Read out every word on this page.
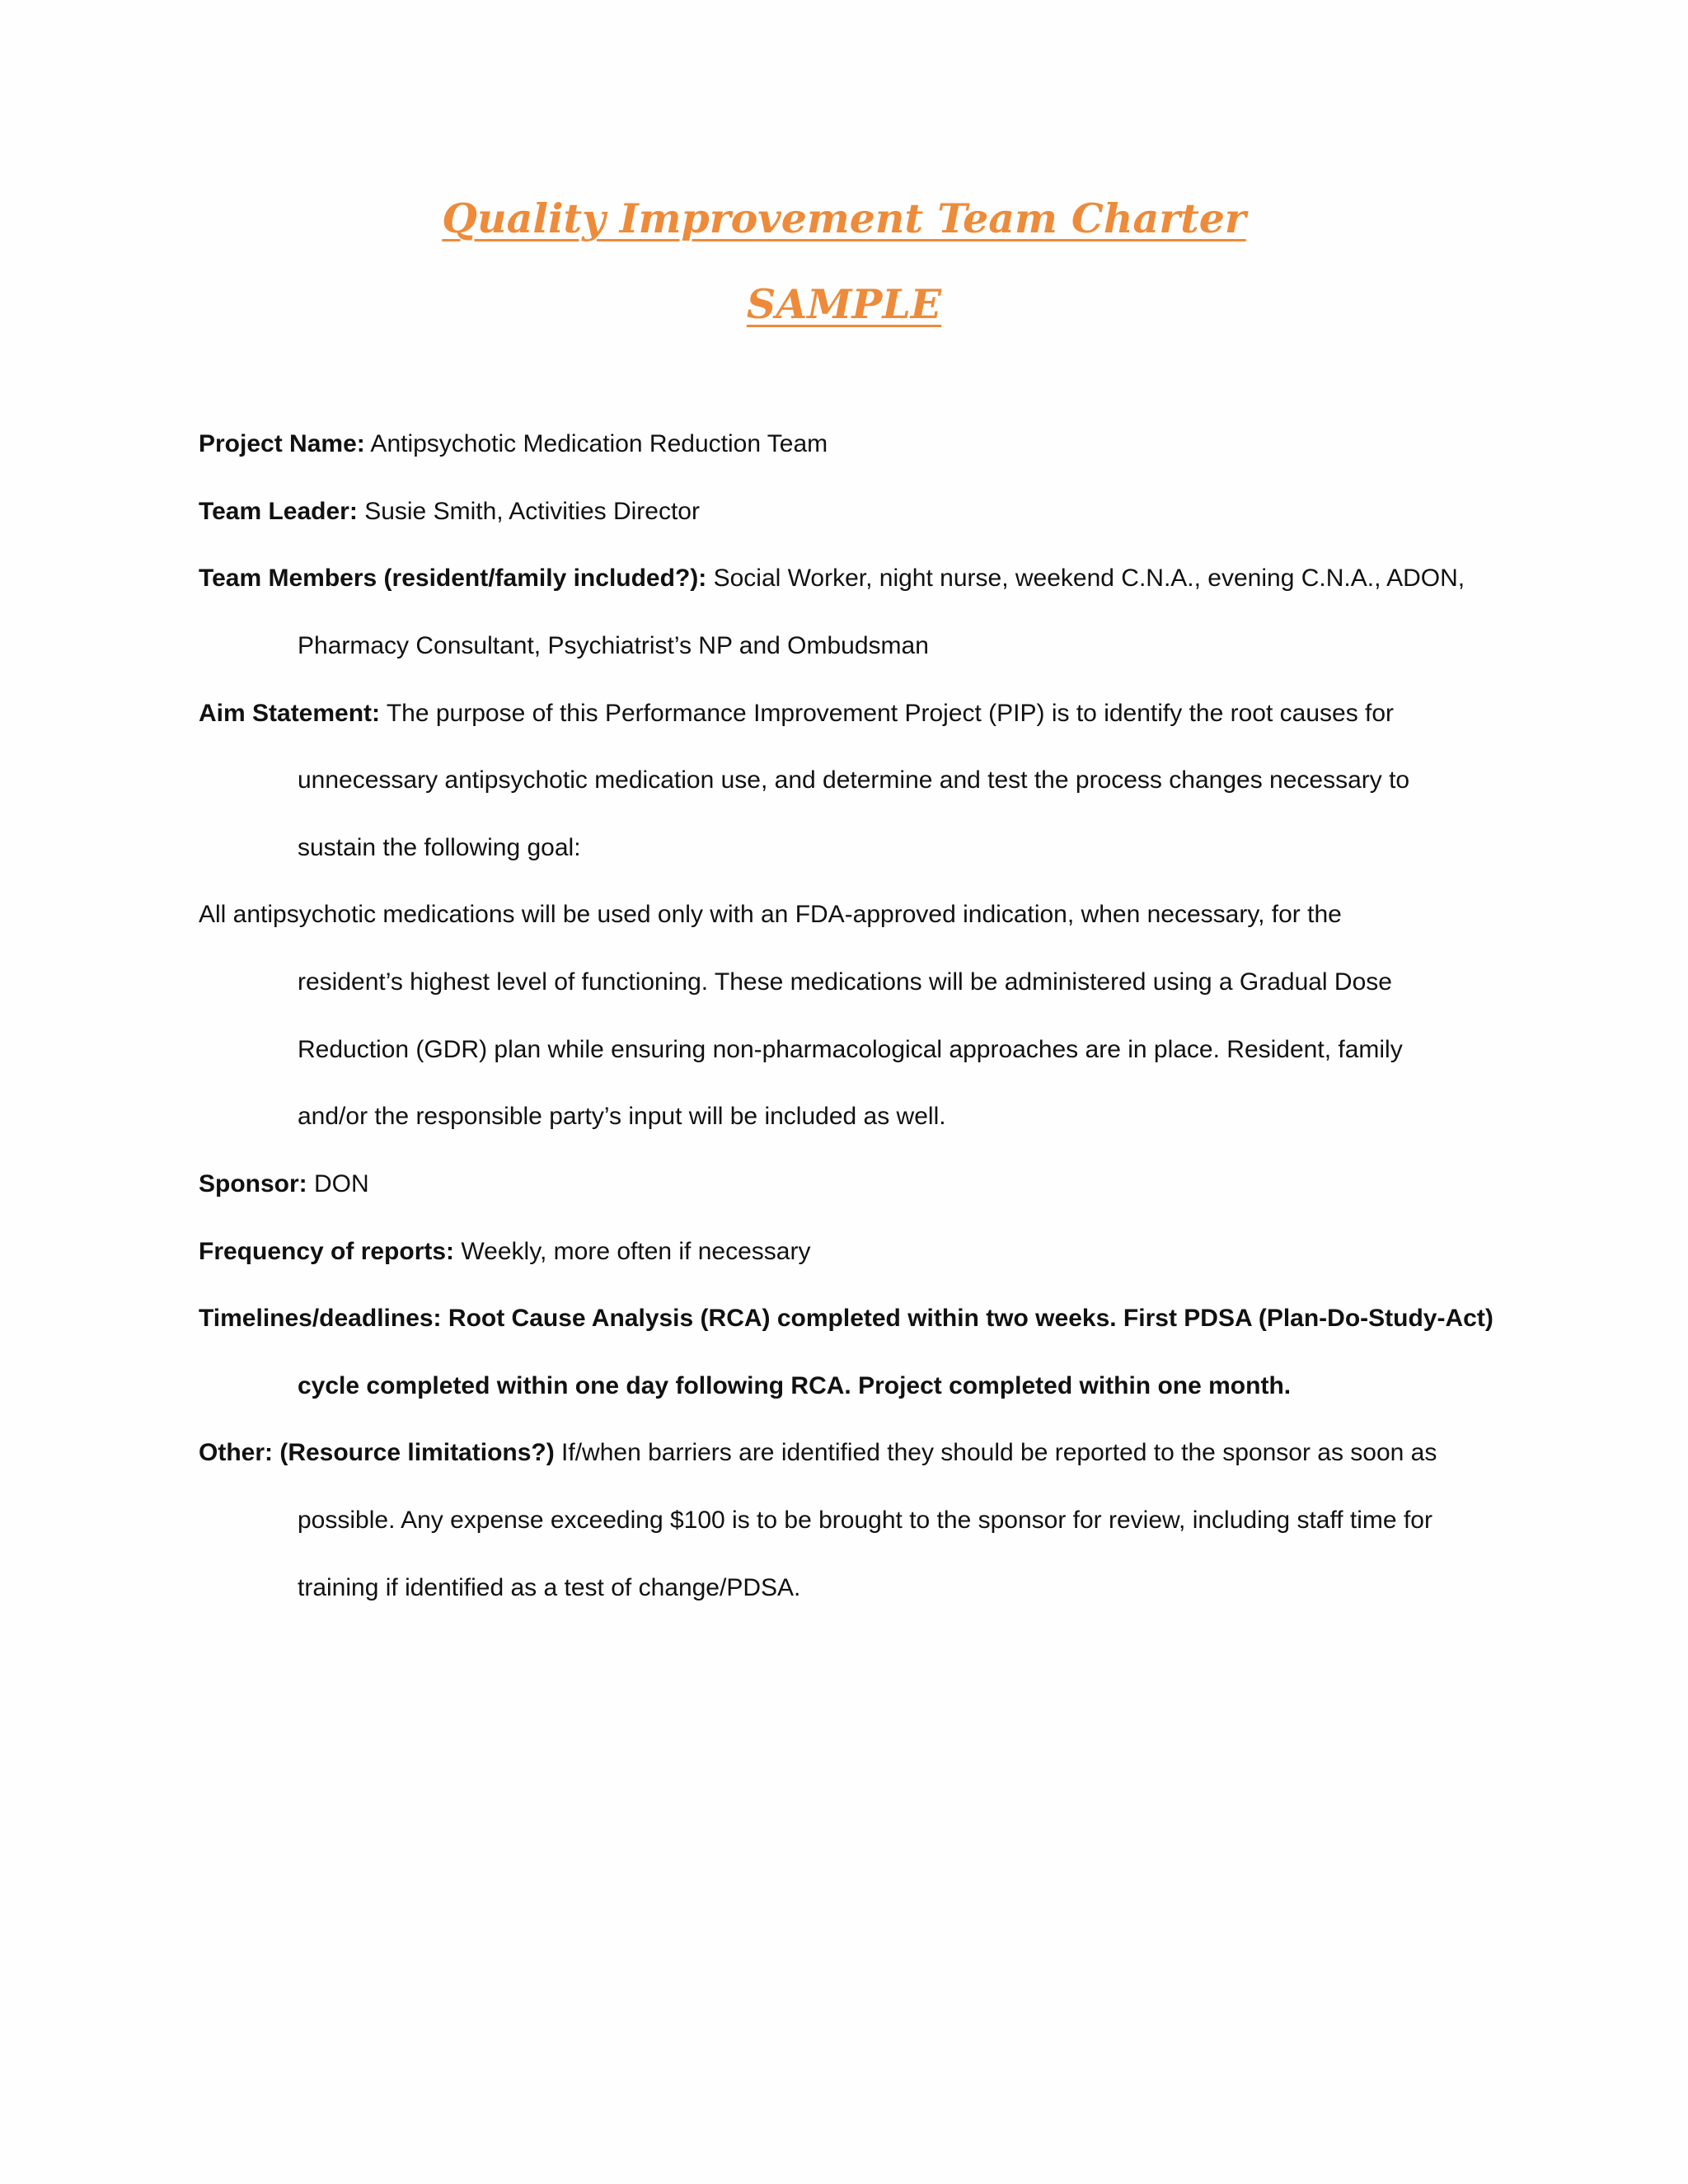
Quality Improvement Team Charter
SAMPLE
Project Name: Antipsychotic Medication Reduction Team
Team Leader: Susie Smith, Activities Director
Team Members (resident/family included?): Social Worker, night nurse, weekend C.N.A., evening C.N.A., ADON,
Pharmacy Consultant, Psychiatrist’s NP and Ombudsman
Aim Statement: The purpose of this Performance Improvement Project (PIP) is to identify the root causes for
unnecessary antipsychotic medication use, and determine and test the process changes necessary to
sustain the following goal:
All antipsychotic medications will be used only with an FDA-approved indication, when necessary, for the
resident’s highest level of functioning. These medications will be administered using a Gradual Dose
Reduction (GDR) plan while ensuring non-pharmacological approaches are in place. Resident, family
and/or the responsible party’s input will be included as well.
Sponsor: DON
Frequency of reports: Weekly, more often if necessary
Timelines/deadlines: Root Cause Analysis (RCA) completed within two weeks. First PDSA (Plan-Do-Study-Act)
cycle completed within one day following RCA. Project completed within one month.
Other: (Resource limitations?) If/when barriers are identified they should be reported to the sponsor as soon as
possible. Any expense exceeding $100 is to be brought to the sponsor for review, including staff time for
training if identified as a test of change/PDSA.
